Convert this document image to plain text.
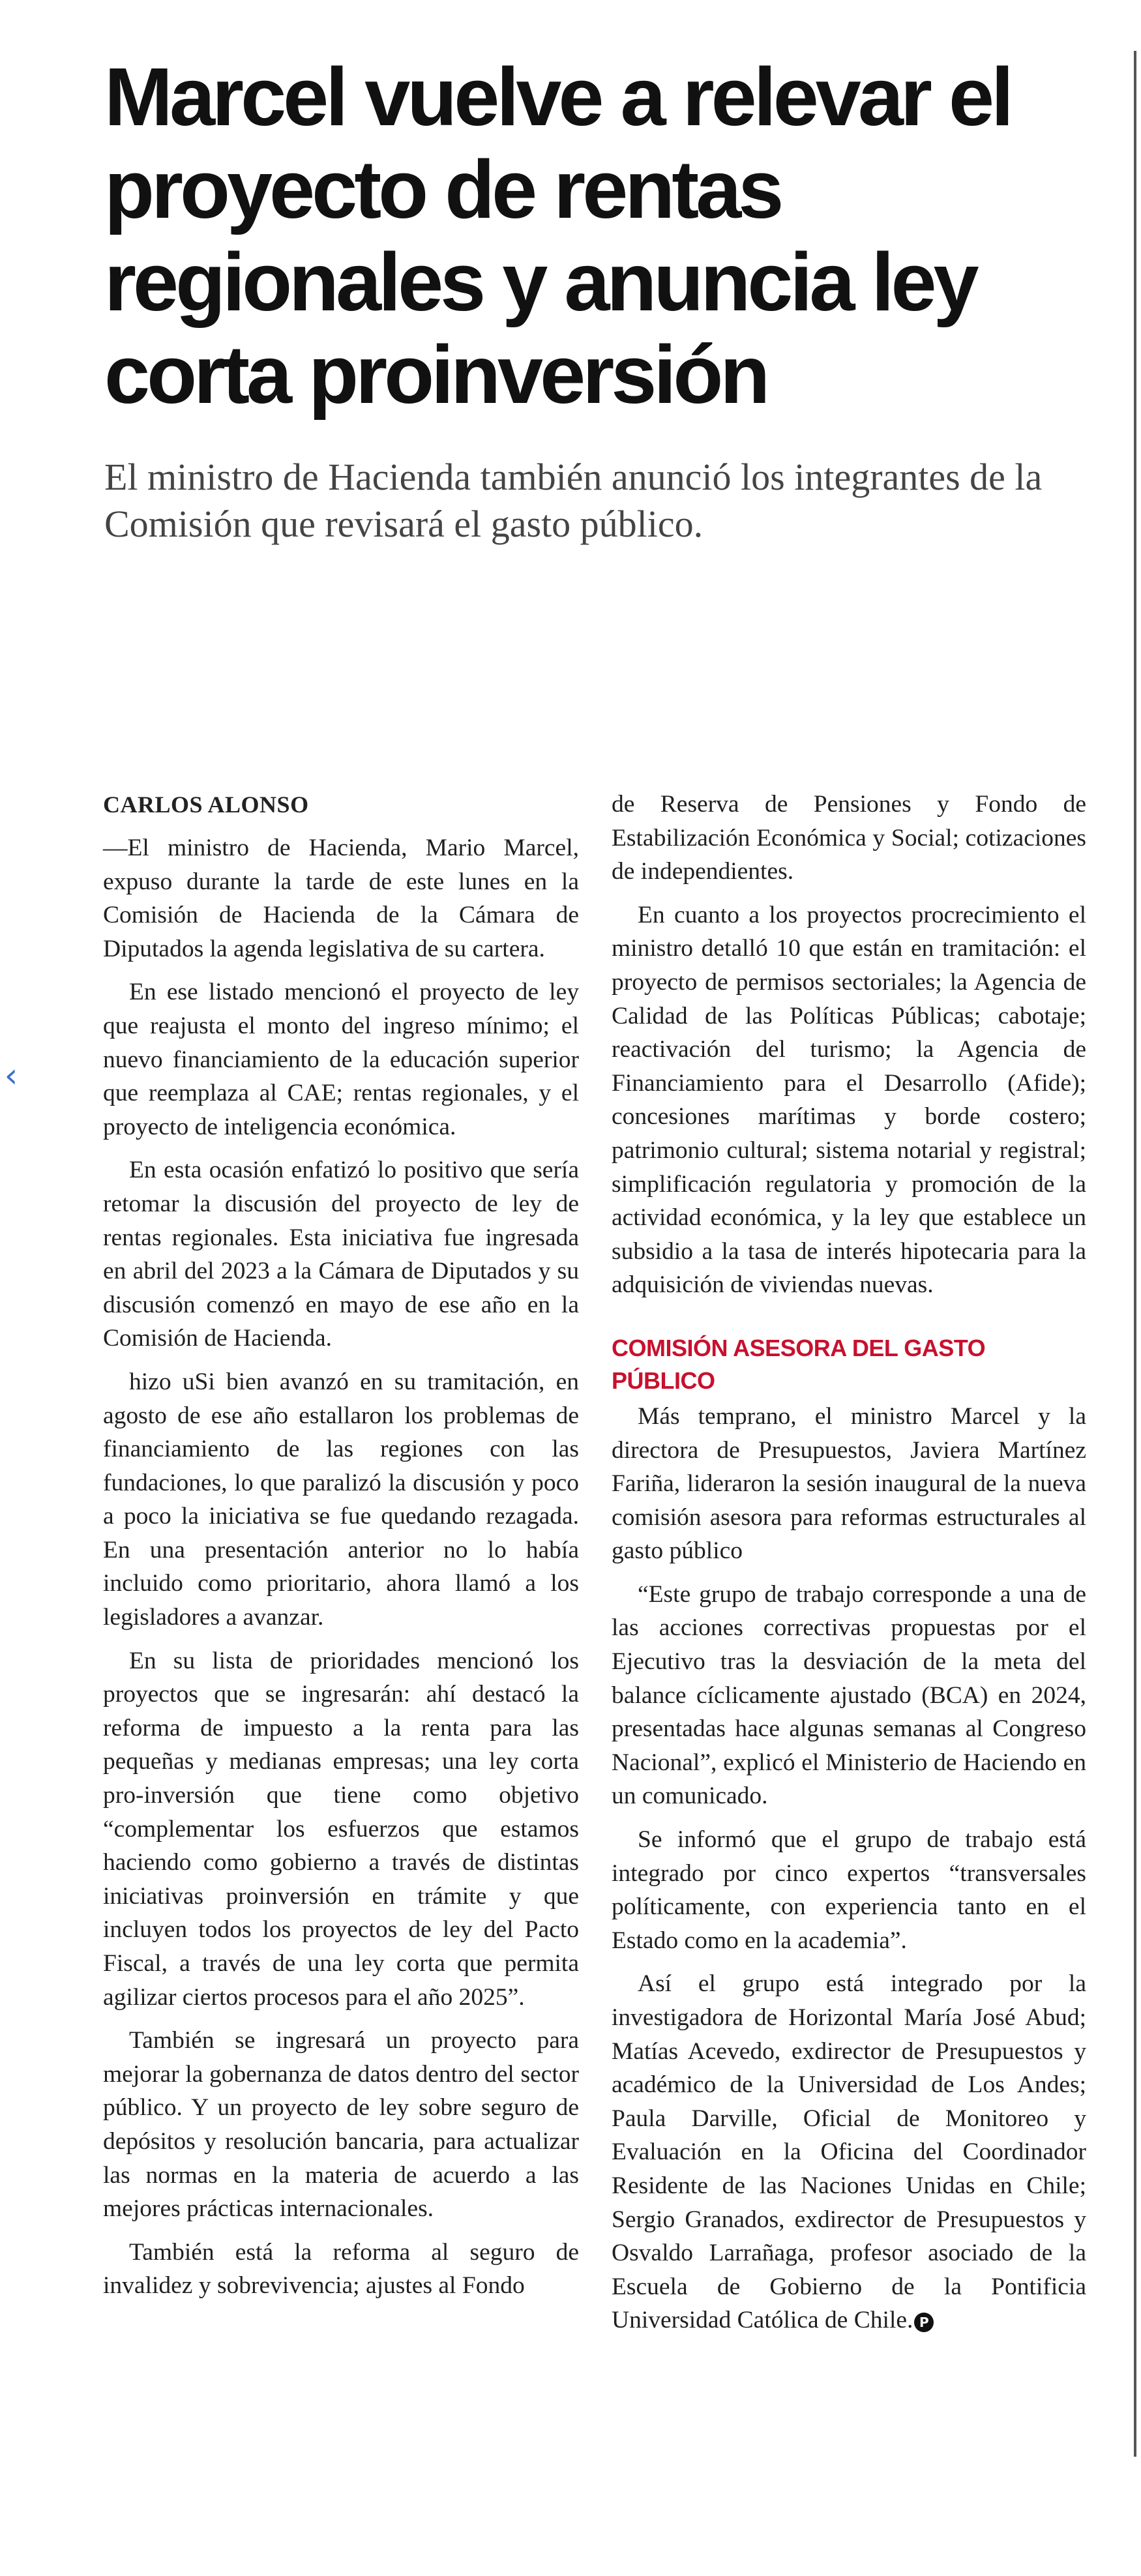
‹
Marcel vuelve a relevar el proyecto de rentas regionales y anuncia ley corta proinversión
El ministro de Hacienda también anunció los integrantes de la Comisión que revisará el gasto público.

CARLOS ALONSO

—El ministro de Hacienda, Mario Marcel, expuso durante la tarde de este lunes en la Comisión de Hacienda de la Cámara de Diputados la agenda legislativa de su cartera.

En ese listado mencionó el proyecto de ley que reajusta el monto del ingreso mínimo; el nuevo financiamiento de la educación superior que reemplaza al CAE; rentas regionales, y el proyecto de inteligencia económica.

En esta ocasión enfatizó lo positivo que sería retomar la discusión del proyecto de ley de rentas regionales. Esta iniciativa fue ingresada en abril del 2023 a la Cámara de Diputados y su discusión comenzó en mayo de ese año en la Comisión de Hacienda.

hizo uSi bien avanzó en su tramitación, en agosto de ese año estallaron los problemas de financiamiento de las regiones con las fundaciones, lo que paralizó la discusión y poco a poco la iniciativa se fue quedando rezagada. En una presentación anterior no lo había incluido como prioritario, ahora llamó a los legisladores a avanzar.

En su lista de prioridades mencionó los proyectos que se ingresarán: ahí destacó la reforma de impuesto a la renta para las pequeñas y medianas empresas; una ley corta pro-inversión que tiene como objetivo “complementar los esfuerzos que estamos haciendo como gobierno a través de distintas iniciativas proinversión en trámite y que incluyen todos los proyectos de ley del Pacto Fiscal, a través de una ley corta que permita agilizar ciertos procesos para el año 2025”.

También se ingresará un proyecto para mejorar la gobernanza de datos dentro del sector público. Y un proyecto de ley sobre seguro de depósitos y resolución bancaria, para actualizar las normas en la materia de acuerdo a las mejores prácticas internacionales.

También está la reforma al seguro de invalidez y sobrevivencia; ajustes al Fondo

de Reserva de Pensiones y Fondo de Estabilización Económica y Social; cotizaciones de independientes.

En cuanto a los proyectos procrecimiento el ministro detalló 10 que están en tramitación: el proyecto de permisos sectoriales; la Agencia de Calidad de las Políticas Públicas; cabotaje; reactivación del turismo; la Agencia de Financiamiento para el Desarrollo (Afide); concesiones marítimas y borde costero; patrimonio cultural; sistema notarial y registral; simplificación regulatoria y promoción de la actividad económica, y la ley que establece un subsidio a la tasa de interés hipotecaria para la adquisición de viviendas nuevas.

COMISIÓN ASESORA DEL GASTO PÚBLICO

Más temprano, el ministro Marcel y la directora de Presupuestos, Javiera Martínez Fariña, lideraron la sesión inaugural de la nueva comisión asesora para reformas estructurales al gasto público

“Este grupo de trabajo corresponde a una de las acciones correctivas propuestas por el Ejecutivo tras la desviación de la meta del balance cíclicamente ajustado (BCA) en 2024, presentadas hace algunas semanas al Congreso Nacional”, explicó el Ministerio de Haciendo en un comunicado.

Se informó que el grupo de trabajo está integrado por cinco expertos “transversales políticamente, con experiencia tanto en el Estado como en la academia”.

Así el grupo está integrado por la investigadora de Horizontal María José Abud; Matías Acevedo, exdirector de Presupuestos y académico de la Universidad de Los Andes; Paula Darville, Oficial de Monitoreo y Evaluación en la Oficina del Coordinador Residente de las Naciones Unidas en Chile; Sergio Granados, exdirector de Presupuestos y Osvaldo Larrañaga, profesor asociado de la Escuela de Gobierno de la Pontificia Universidad Católica de Chile. P
